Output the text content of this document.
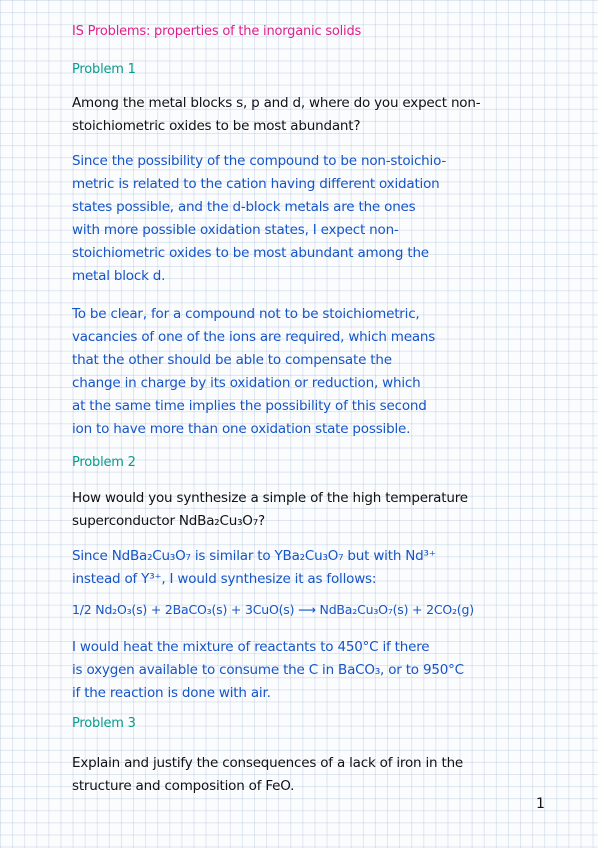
IS Problems: properties of the inorganic solids
Problem 1
Among the metal blocks s, p and d, where do you expect non-
stoichiometric oxides to be most abundant?
Since the possibility of the compound to be non-stoichio-
metric is related to the cation having different oxidation
states possible, and the d-block metals are the ones
with more possible oxidation states, I expect non-
stoichiometric oxides to be most abundant among the
metal block d.
To be clear, for a compound not to be stoichiometric,
vacancies of one of the ions are required, which means
that the other should be able to compensate the
change in charge by its oxidation or reduction, which
at the same time implies the possibility of this second
ion to have more than one oxidation state possible.
Problem 2
How would you synthesize a simple of the high temperature
superconductor NdBa₂Cu₃O₇?
Since NdBa₂Cu₃O₇ is similar to YBa₂Cu₃O₇ but with Nd³⁺
instead of Y³⁺, I would synthesize it as follows:
1/2 Nd₂O₃(s) + 2BaCO₃(s) + 3CuO(s) ⟶ NdBa₂Cu₃O₇(s) + 2CO₂(g)
I would heat the mixture of reactants to 450°C if there
is oxygen available to consume the C in BaCO₃, or to 950°C
if the reaction is done with air.
Problem 3
Explain and justify the consequences of a lack of iron in the
structure and composition of FeO.
1
